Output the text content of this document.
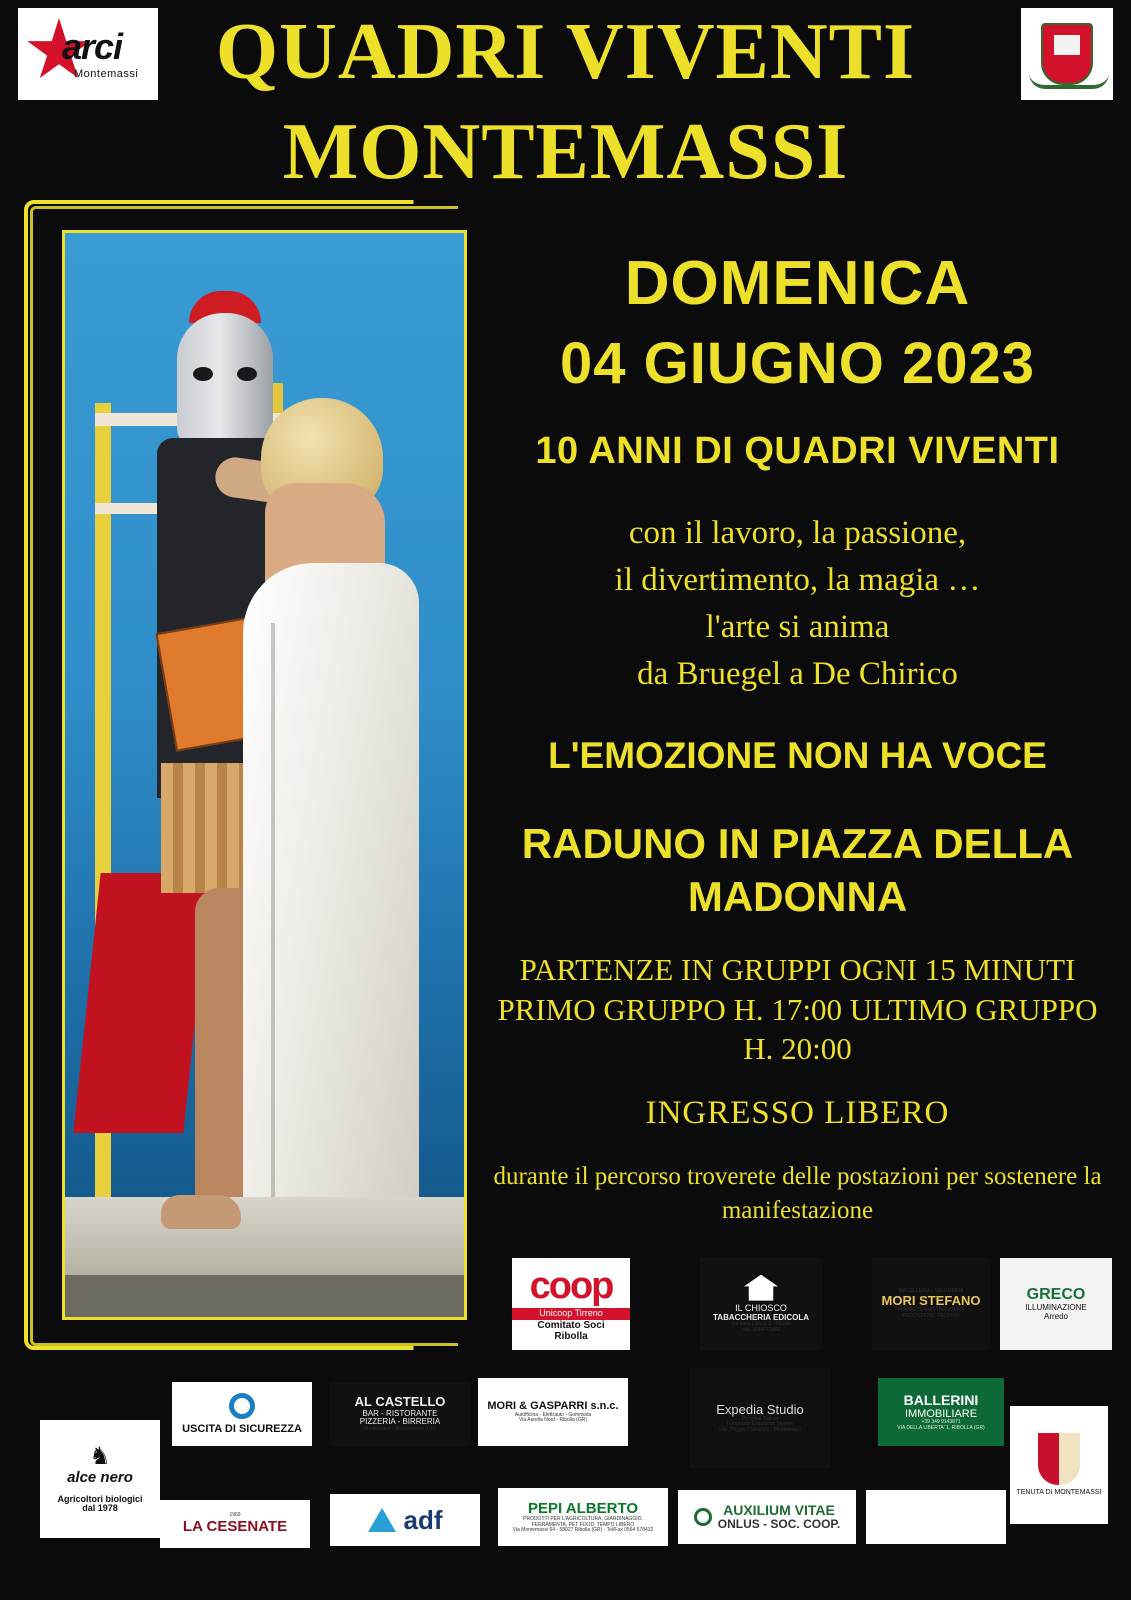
arci
Montemassi QUADRI VIVENTI
MONTEMASSI
DOMENICA
04 GIUGNO 2023
10 ANNI DI QUADRI VIVENTI
con il lavoro, la passione,
il divertimento, la magia …
l'arte si anima
da Bruegel a De Chirico
L'EMOZIONE NON HA VOCE
RADUNO IN PIAZZA DELLA MADONNA
PARTENZE IN GRUPPI OGNI 15 MINUTI PRIMO GRUPPO H. 17:00 ULTIMO GRUPPO H. 20:00
INGRESSO LIBERO
durante il percorso troverete delle postazioni per sostenere la manifestazione
coop
Unicoop Tirreno
Comitato Soci
Ribolla
IL CHIOSCO
TABACCHERIA EDICOLA
Via della Libertà 3 - Ribolla
cell. 3284771968
MACELLERIA - SALUMERIA
MORI STEFANO
PRODOTTI GASTRONOMICI
PRODUZIONE PROPRIA
GRECO
ILLUMINAZIONE
Arredo
USCITA DI SICUREZZA
AL CASTELLO
BAR - RISTORANTE
PIZZERIA - BIRRERIA
Montemassi - Roccastrada (GR)
MORI & GASPARRI s.n.c.
Autofficina - Elettrauto - Gommista
Via Aurelia Nord - Ribolla (GR)
Expedia Studio
Personal Trainer
Gymnastic Expansion System
Loc. Poggio Cabianchi - Montemassi
BALLERINI
IMMOBILIARE
+39 349 9143871
VIA DELLA LIBERTA' 1, RIBOLLA (GR)
TENUTA DI MONTEMASSI
♞
alce nero
Agricoltori biologici
dal 1978
1969
LA CESENATE	adf	PEPI ALBERTO
PRODOTTI PER L'AGRICOLTURA, GIARDINAGGIO,
FERRAMENTA, PET FOOD, TEMPO LIBERO
Via Montemassi 64 - 58027 Ribolla (GR) - Tel/Fax 0564 578432
AUXILIUM VITAE
ONLUS - SOC. COOP.
